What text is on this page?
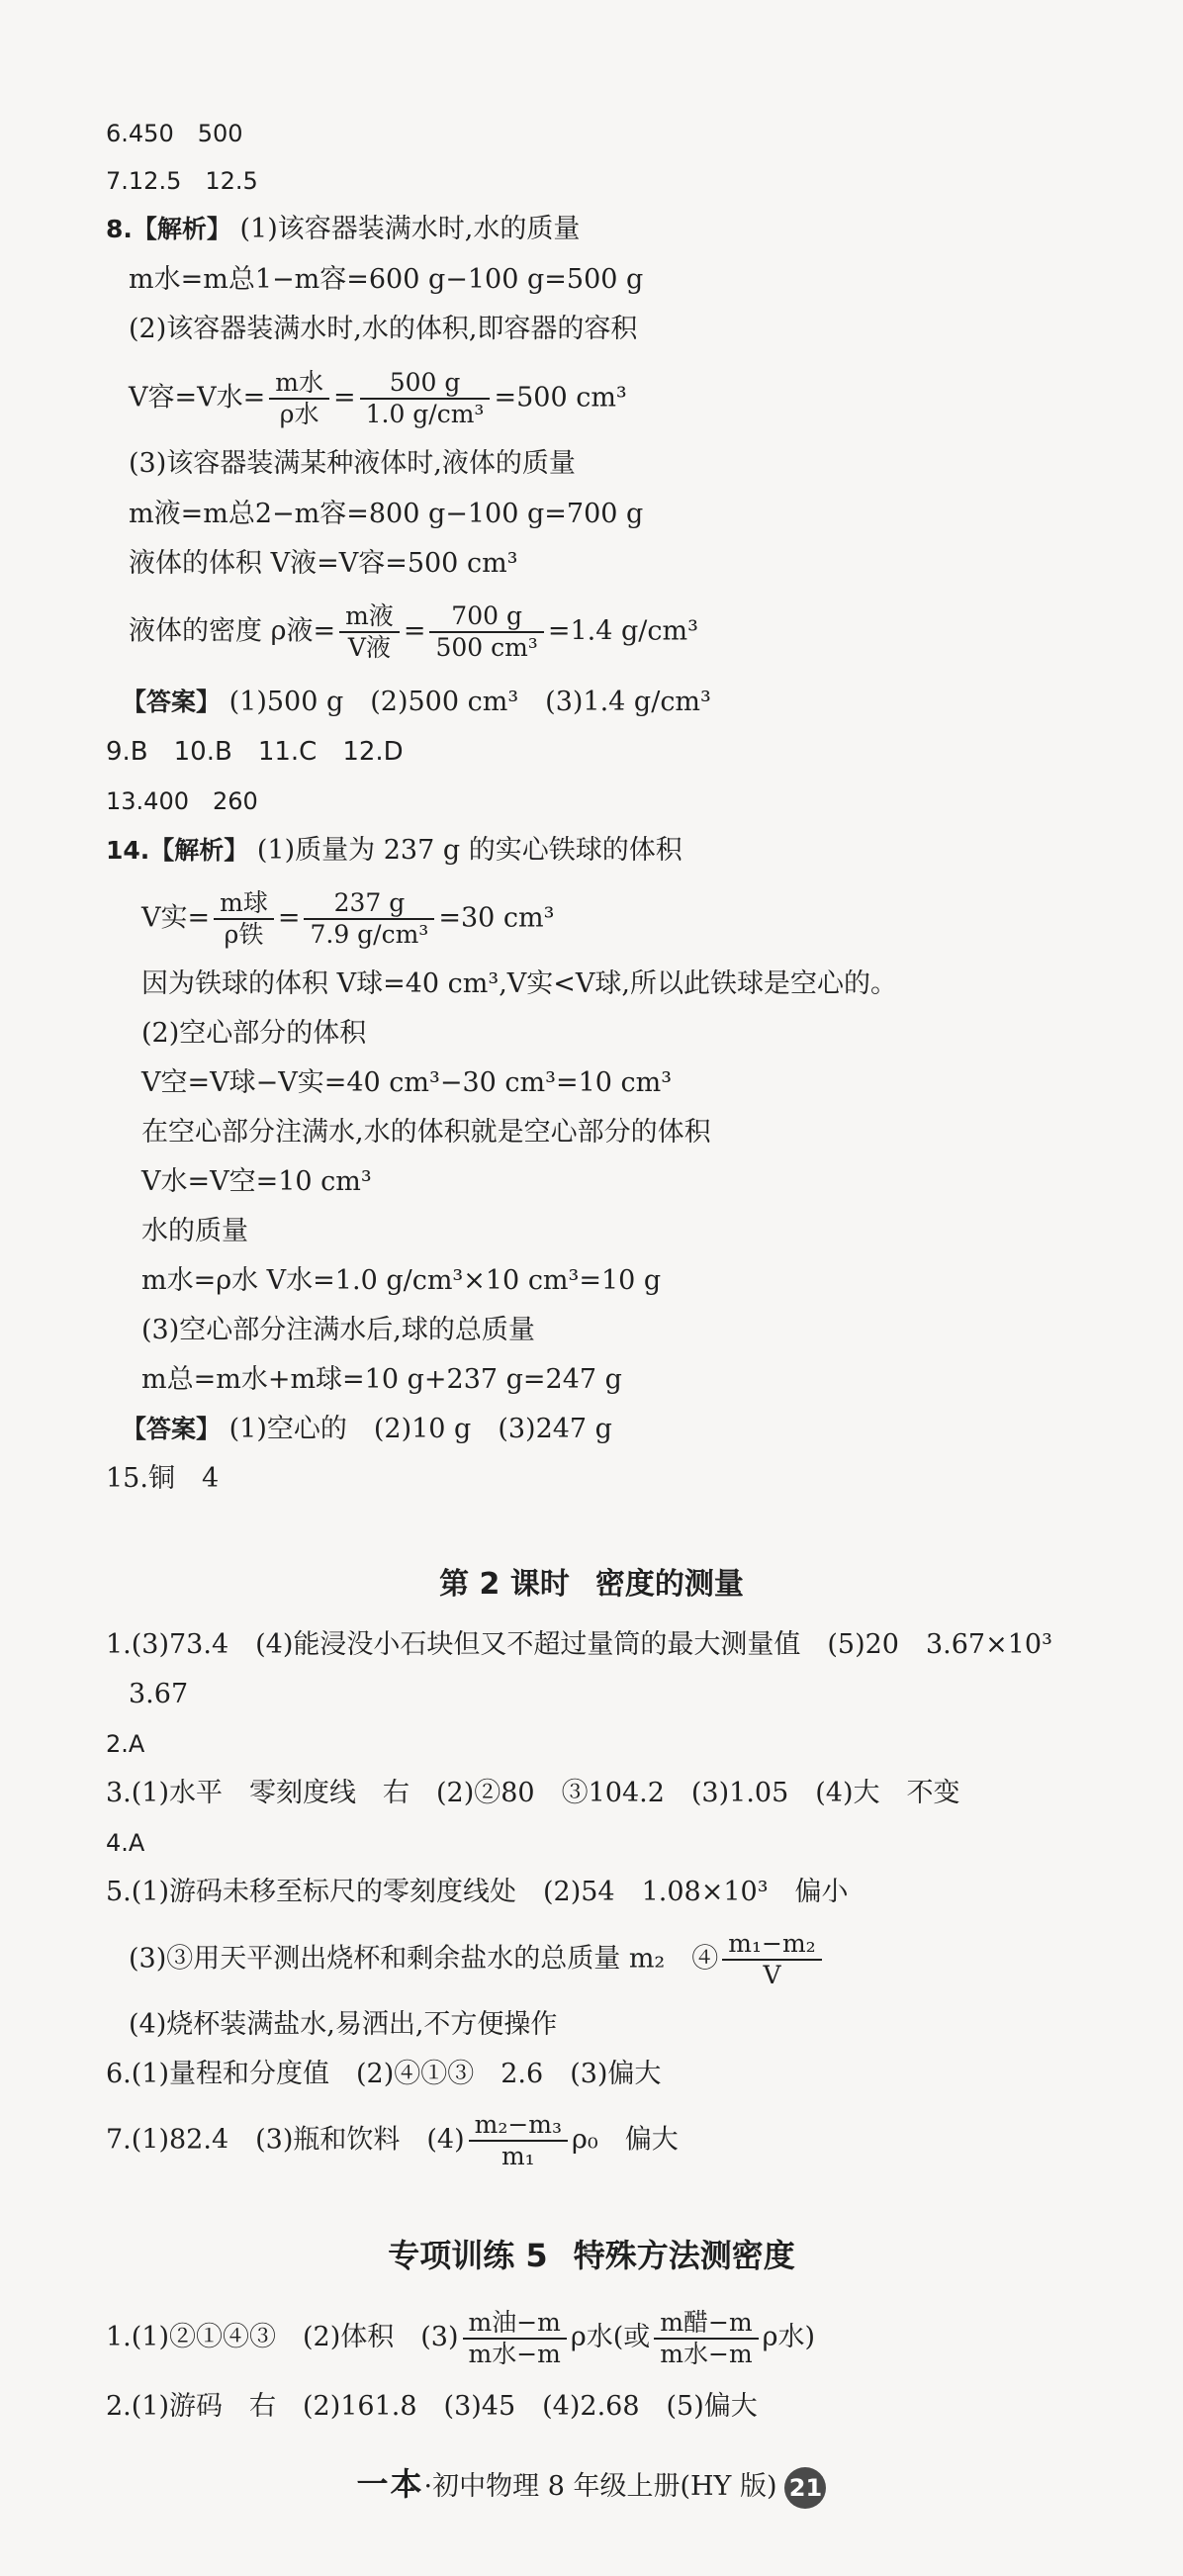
6.450　500
7.12.5　12.5
8.【解析】 (1)该容器装满水时,水的质量
m水=m总1−m容=600 g−100 g=500 g
(2)该容器装满水时,水的体积,即容器的容积
V容=V水= $\frac{\text{m水}}{\text{ρ水}} = \frac{500 g}{\text{1.0 g/cm³}} =500$ cm³
(3)该容器装满某种液体时,液体的质量
m液=m总2−m容=800 g−100 g=700 g
液体的体积 V液=V容=500 cm³
液体的密度 ρ液= $\frac{\text{m液}}{\text{V液}} = \frac{700 g}{\text{500 cm³}} =1.4$ g/cm³
【答案】 (1)500 g　(2)500 cm³　(3)1.4 g/cm³
9.B　10.B　11.C　12.D
13.400　260
14.【解析】 (1)质量为 237 g 的实心铁球的体积
V实= $\frac{\text{m球}}{\text{ρ铁}} = \frac{237 g}{\text{7.9 g/cm³}} =30$ cm³
因为铁球的体积 V球=40 cm³,V实<V球,所以此铁球是空心的。
(2)空心部分的体积
V空=V球−V实=40 cm³−30 cm³=10 cm³
在空心部分注满水,水的体积就是空心部分的体积
V水=V空=10 cm³
水的质量
m水=ρ水 V水=1.0 g/cm³×10 cm³=10 g
(3)空心部分注满水后,球的总质量
m总=m水+m球=10 g+237 g=247 g
【答案】 (1)空心的　(2)10 g　(3)247 g
15.铜　4
第 2 课时 密度的测量
1.(3)73.4　(4)能浸没小石块但又不超过量筒的最大测量值　(5)20　3.67×10³
3.67
2.A
3.(1)水平　零刻度线　右　(2)②80　③104.2　(3)1.05　(4)大　不变
4.A
5.(1)游码未移至标尺的零刻度线处　(2)54　1.08×10³　偏小
(3)③用天平测出烧杯和剩余盐水的总质量 m₂　④ $\frac{\text{m₁−m₂}}{V}$
(4)烧杯装满盐水,易洒出,不方便操作
6.(1)量程和分度值　(2)④①③　2.6　(3)偏大
7.(1)82.4　(3)瓶和饮料　$(4) \frac{\text{m₂−m₃}}{\text{m₁}} \rho_0$　偏大
专项训练 5 特殊方法测密度
1.(1)②①④③　(2)体积　$(3) \frac{\text{m油−m}}{\text{m水−m}}$ ρ水(或 $\frac{\text{m醋−m}}{\text{m水−m}}$ ρ水)
2.(1)游码　右　(2)161.8　(3)45　(4)2.68　(5)偏大
一本·初中物理 8 年级上册(HY 版) 21
